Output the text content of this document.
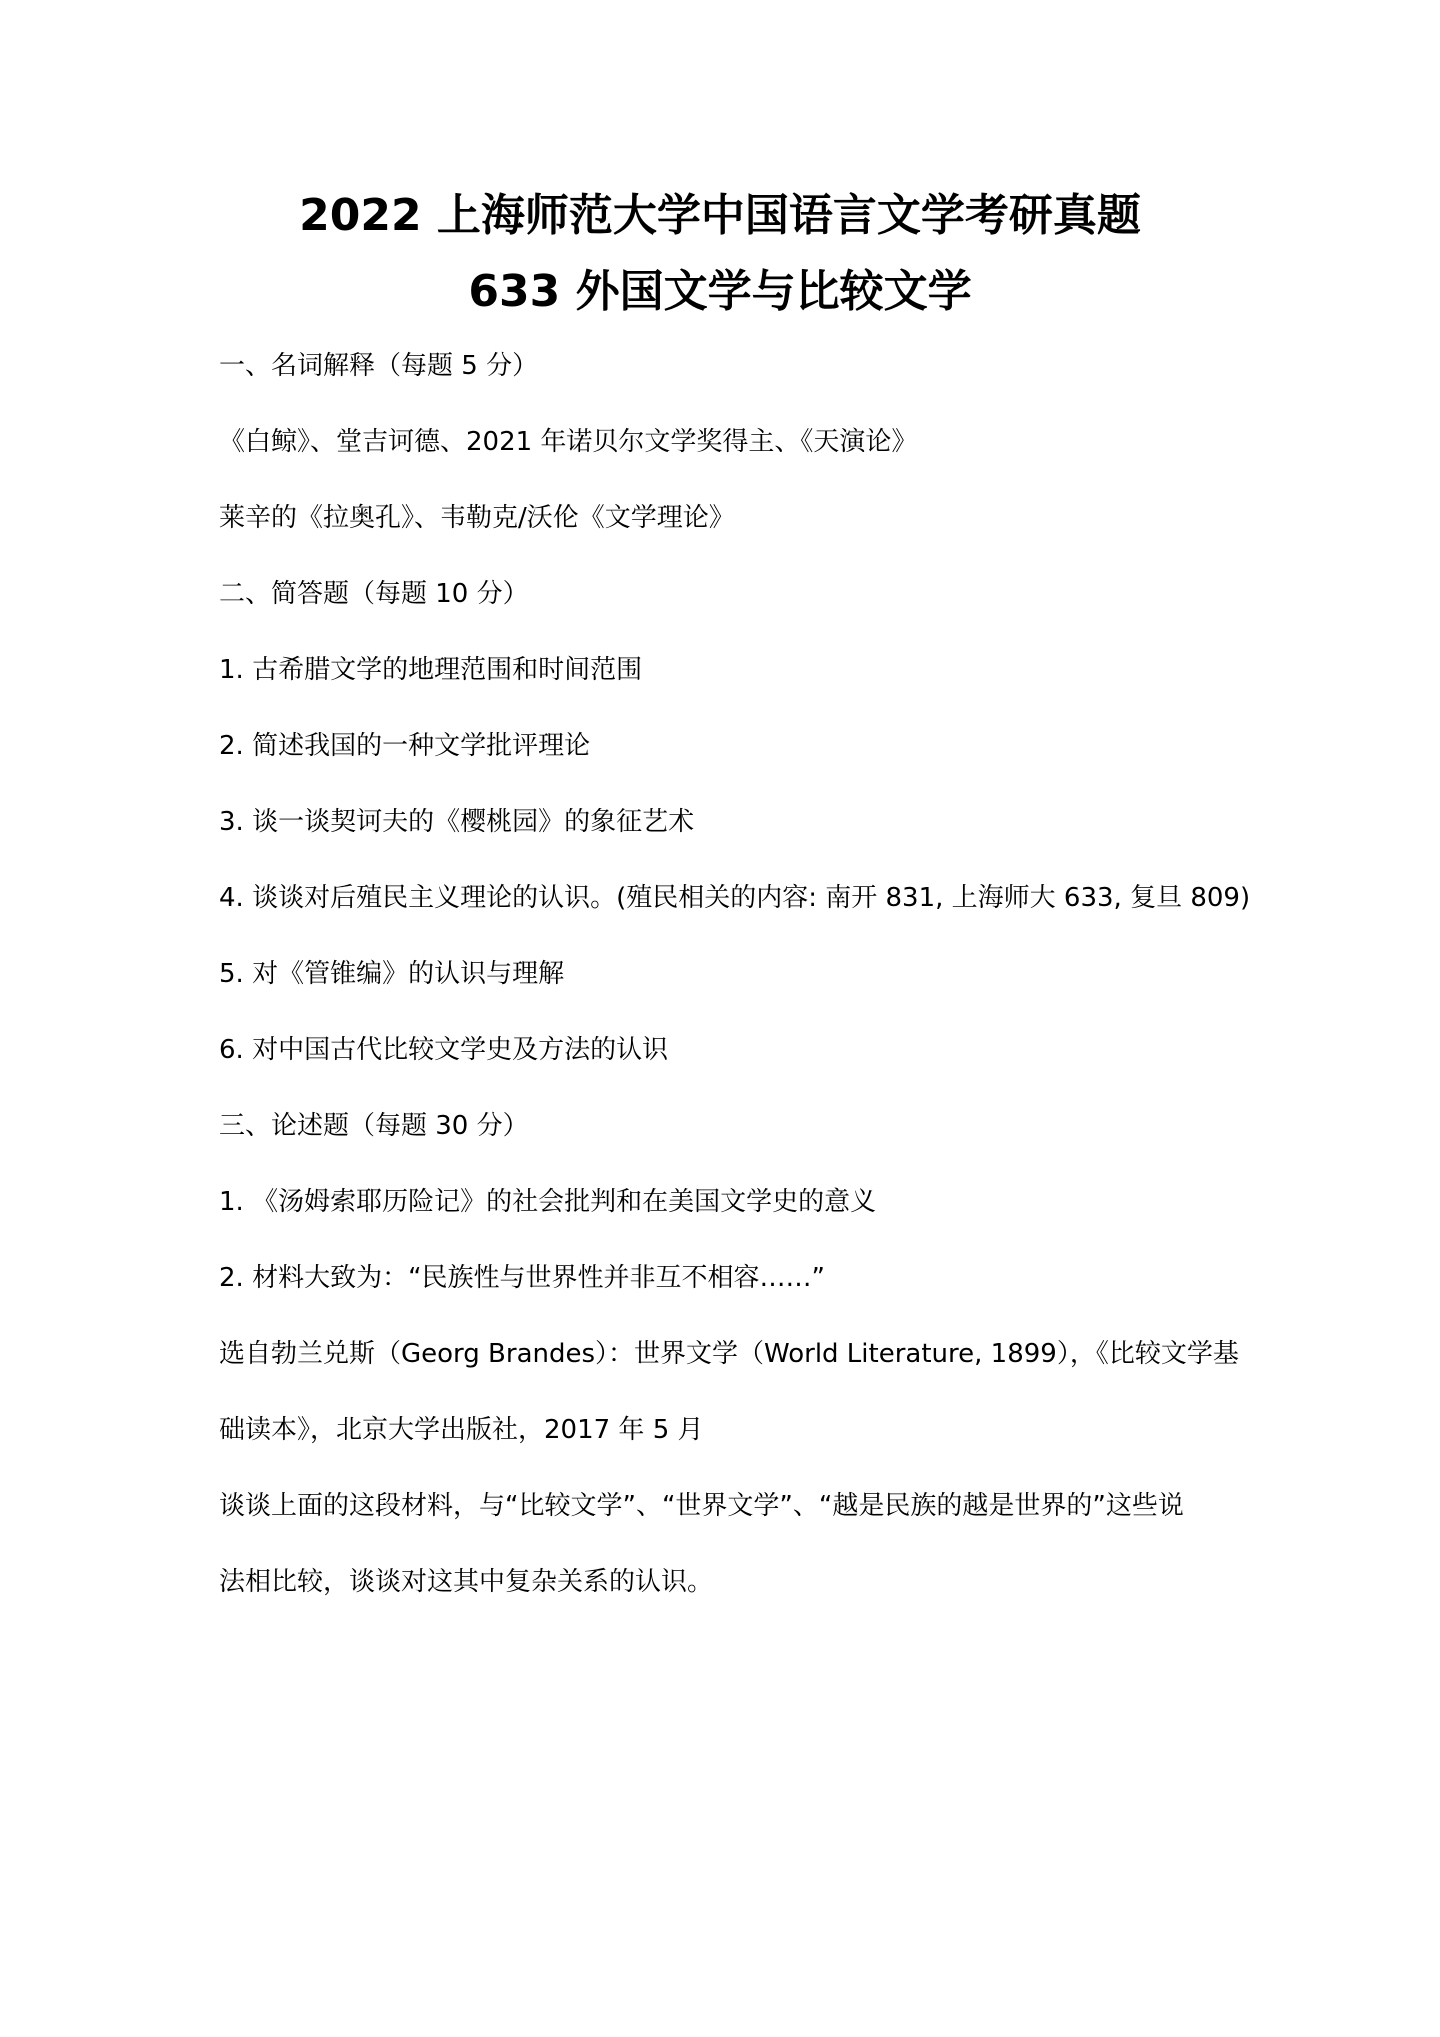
2022 上海师范大学中国语言文学考研真题
633 外国文学与比较文学
一、名词解释（每题 5 分）
《白鲸》、堂吉诃德、2021 年诺贝尔文学奖得主、《天演论》
莱辛的《拉奥孔》、韦勒克/沃伦《文学理论》
二、简答题（每题 10 分）
1. 古希腊文学的地理范围和时间范围
2. 简述我国的一种文学批评理论
3. 谈一谈契诃夫的《樱桃园》的象征艺术
4. 谈谈对后殖民主义理论的认识。(殖民相关的内容: 南开 831, 上海师大 633, 复旦 809)
5. 对《管锥编》的认识与理解
6. 对中国古代比较文学史及方法的认识
三、论述题（每题 30 分）
1. 《汤姆索耶历险记》的社会批判和在美国文学史的意义
2. 材料大致为：“民族性与世界性并非互不相容……”
选自勃兰兑斯（Georg Brandes）：世界文学（World Literature, 1899），《比较文学基
础读本》，北京大学出版社，2017 年 5 月
谈谈上面的这段材料，与“比较文学”、“世界文学”、“越是民族的越是世界的”这些说
法相比较，谈谈对这其中复杂关系的认识。
